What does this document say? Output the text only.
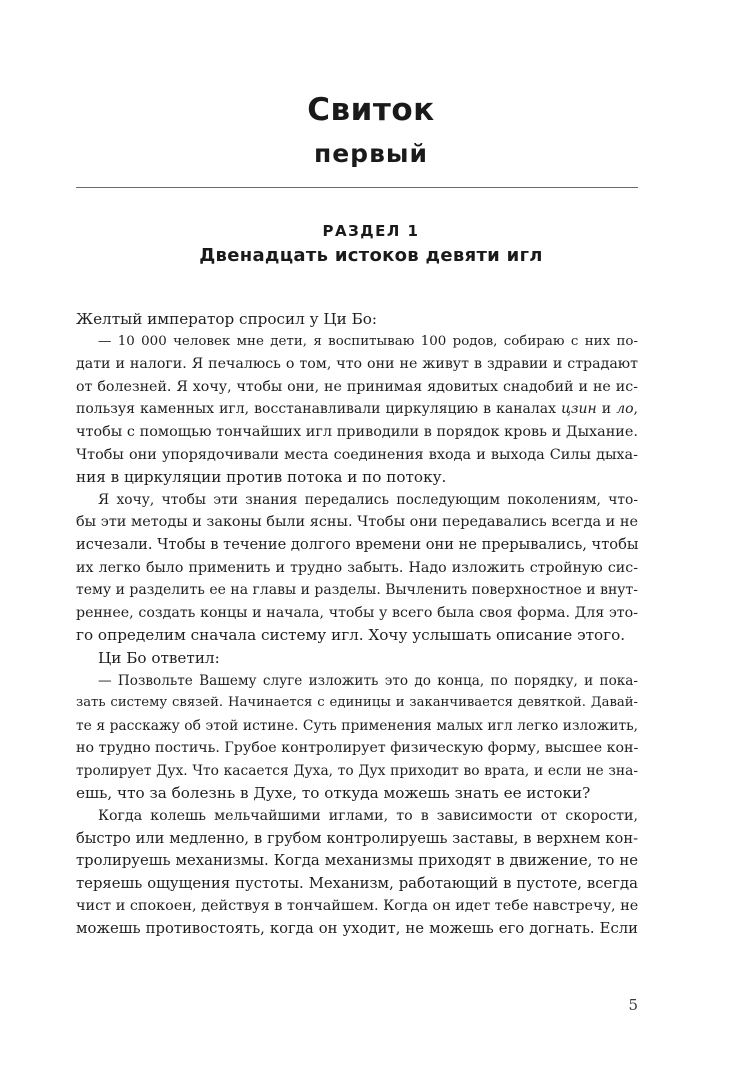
Свиток
первый
РАЗДЕЛ 1
Двенадцать истоков девяти игл
Желтый император спросил у Ци Бо:
— 10 000 человек мне дети, я воспитываю 100 родов, собираю с них по-
дати и налоги. Я печалюсь о том, что они не живут в здравии и страдают
от болезней. Я хочу, чтобы они, не принимая ядовитых снадобий и не ис-
пользуя каменных игл, восстанавливали циркуляцию в каналах цзин и ло,
чтобы с помощью тончайших игл приводили в порядок кровь и Дыхание.
Чтобы они упорядочивали места соединения входа и выхода Силы дыха-
ния в циркуляции против потока и по потоку.
Я хочу, чтобы эти знания передались последующим поколениям, что-
бы эти методы и законы были ясны. Чтобы они передавались всегда и не
исчезали. Чтобы в течение долгого времени они не прерывались, чтобы
их легко было применить и трудно забыть. Надо изложить стройную сис-
тему и разделить ее на главы и разделы. Вычленить поверхностное и внут-
реннее, создать концы и начала, чтобы у всего была своя форма. Для это-
го определим сначала систему игл. Хочу услышать описание этого.
Ци Бо ответил:
— Позвольте Вашему слуге изложить это до конца, по порядку, и пока-
зать систему связей. Начинается с единицы и заканчивается девяткой. Давай-
те я расскажу об этой истине. Суть применения малых игл легко изложить,
но трудно постичь. Грубое контролирует физическую форму, высшее кон-
тролирует Дух. Что касается Духа, то Дух приходит во врата, и если не зна-
ешь, что за болезнь в Духе, то откуда можешь знать ее истоки?
Когда колешь мельчайшими иглами, то в зависимости от скорости,
быстро или медленно, в грубом контролируешь заставы, в верхнем кон-
тролируешь механизмы. Когда механизмы приходят в движение, то не
теряешь ощущения пустоты. Механизм, работающий в пустоте, всегда
чист и спокоен, действуя в тончайшем. Когда он идет тебе навстречу, не
можешь противостоять, когда он уходит, не можешь его догнать. Если
5
